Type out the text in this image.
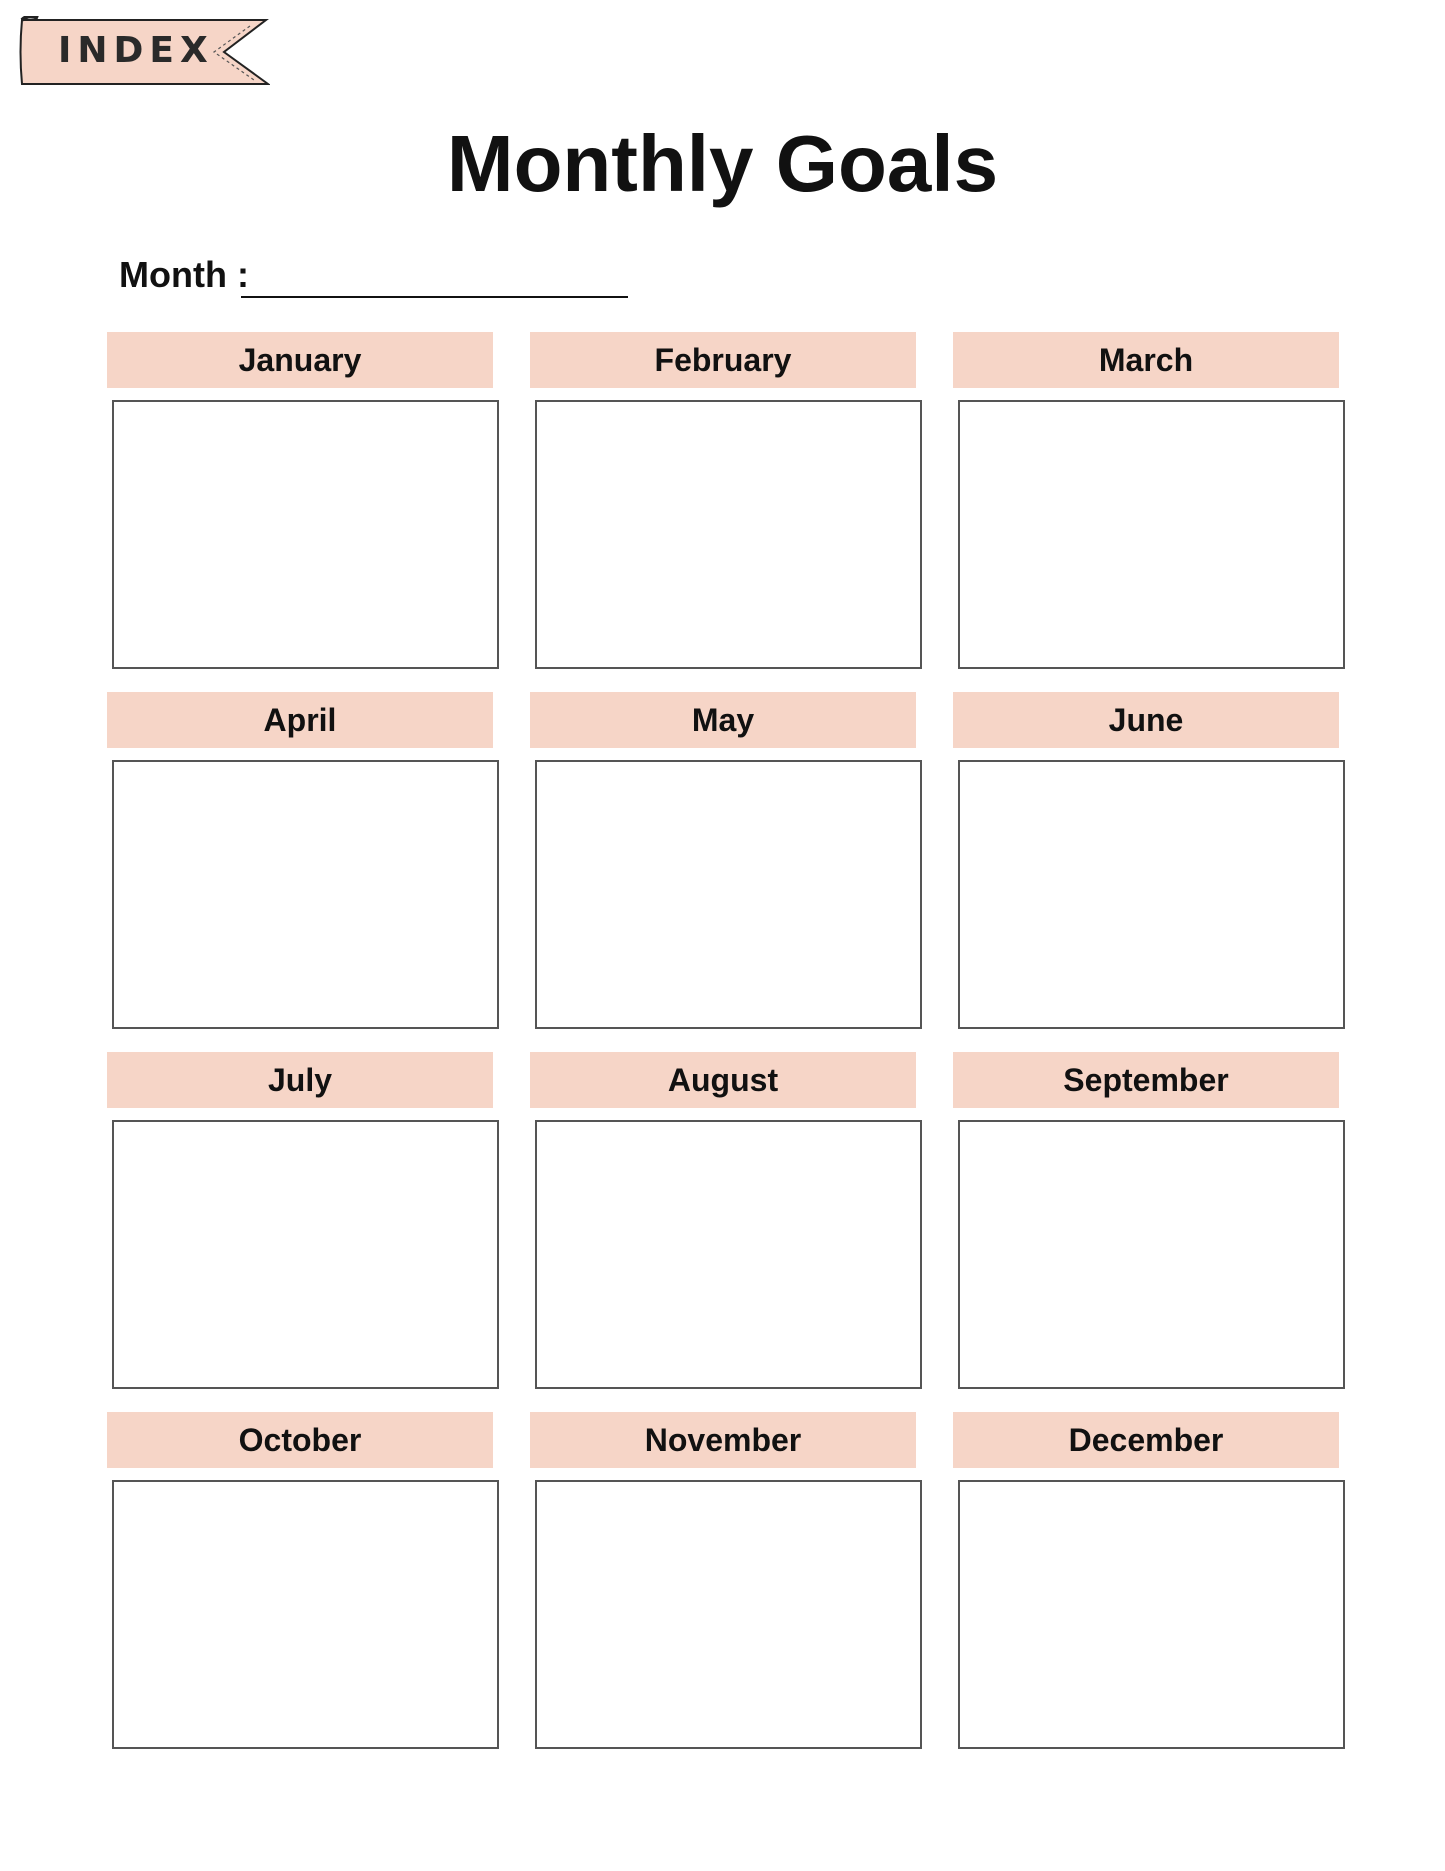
INDEX
Monthly Goals
Month :
January	February	March
April	May	June
July	August	September
October	November	December
